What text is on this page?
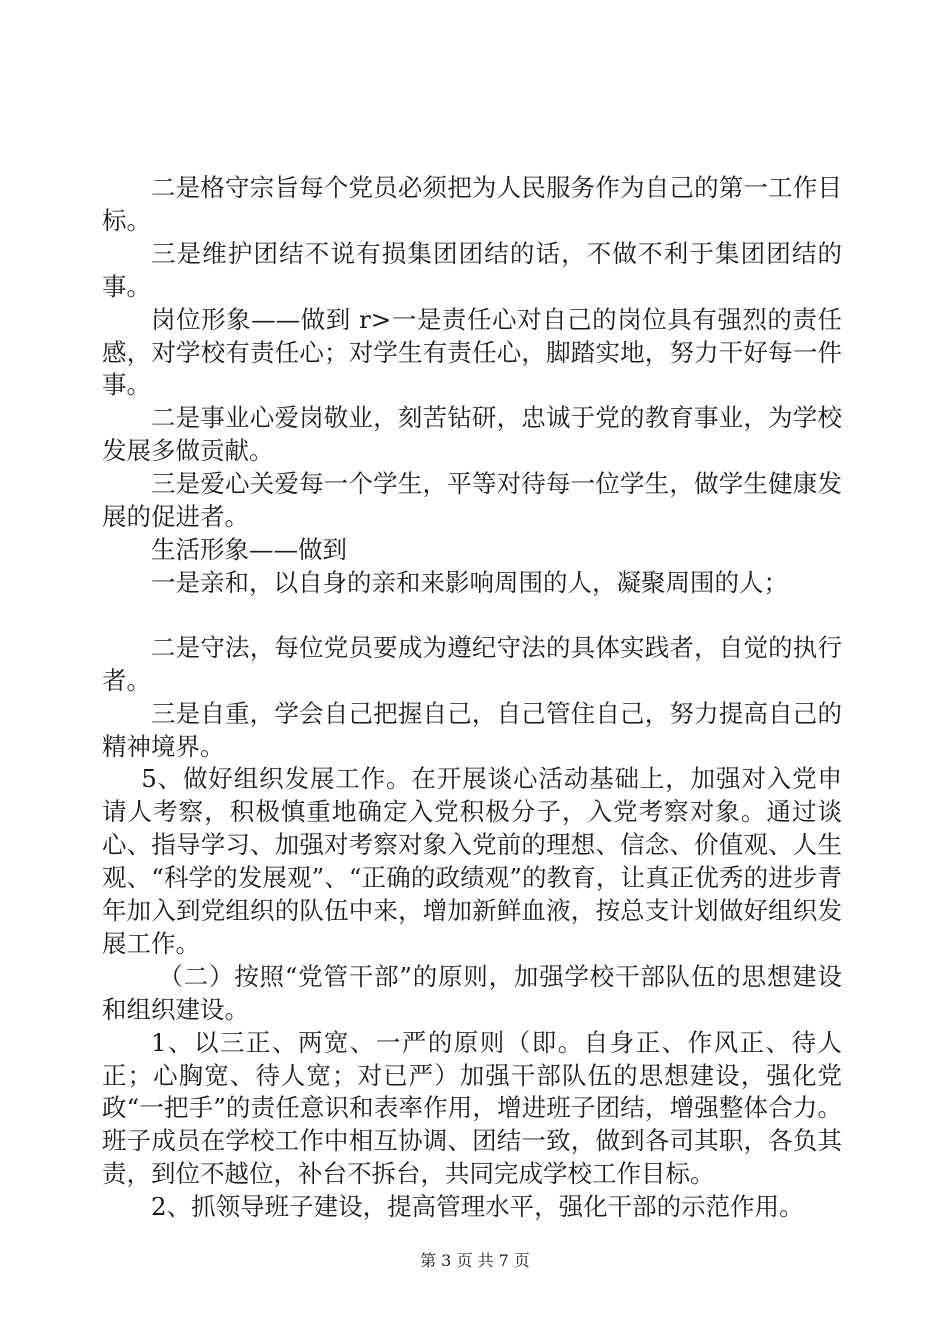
二是格守宗旨每个党员必须把为人民服务作为自己的第一工作目标。

三是维护团结不说有损集团团结的话，不做不利于集团团结的事。

岗位形象——做到 r>一是责任心对自己的岗位具有强烈的责任感，对学校有责任心；对学生有责任心，脚踏实地，努力干好每一件事。

二是事业心爱岗敬业，刻苦钻研，忠诚于党的教育事业，为学校发展多做贡献。

三是爱心关爱每一个学生，平等对待每一位学生，做学生健康发展的促进者。

生活形象——做到

一是亲和，以自身的亲和来影响周围的人，凝聚周围的人；

二是守法，每位党员要成为遵纪守法的具体实践者，自觉的执行者。

三是自重，学会自己把握自己，自己管住自己，努力提高自己的精神境界。

5、做好组织发展工作。在开展谈心活动基础上，加强对入党申请人考察，积极慎重地确定入党积极分子，入党考察对象。通过谈心、指导学习、加强对考察对象入党前的理想、信念、价值观、人生观、“科学的发展观”、“正确的政绩观”的教育，让真正优秀的进步青年加入到党组织的队伍中来，增加新鲜血液，按总支计划做好组织发展工作。

（二）按照“党管干部”的原则，加强学校干部队伍的思想建设和组织建设。

1、以三正、两宽、一严的原则（即。自身正、作风正、待人正；心胸宽、待人宽；对已严）加强干部队伍的思想建设，强化党政“一把手”的责任意识和表率作用，增进班子团结，增强整体合力。班子成员在学校工作中相互协调、团结一致，做到各司其职，各负其责，到位不越位，补台不拆台，共同完成学校工作目标。

2、抓领导班子建设，提高管理水平，强化干部的示范作用。

第 3 页 共 7 页
